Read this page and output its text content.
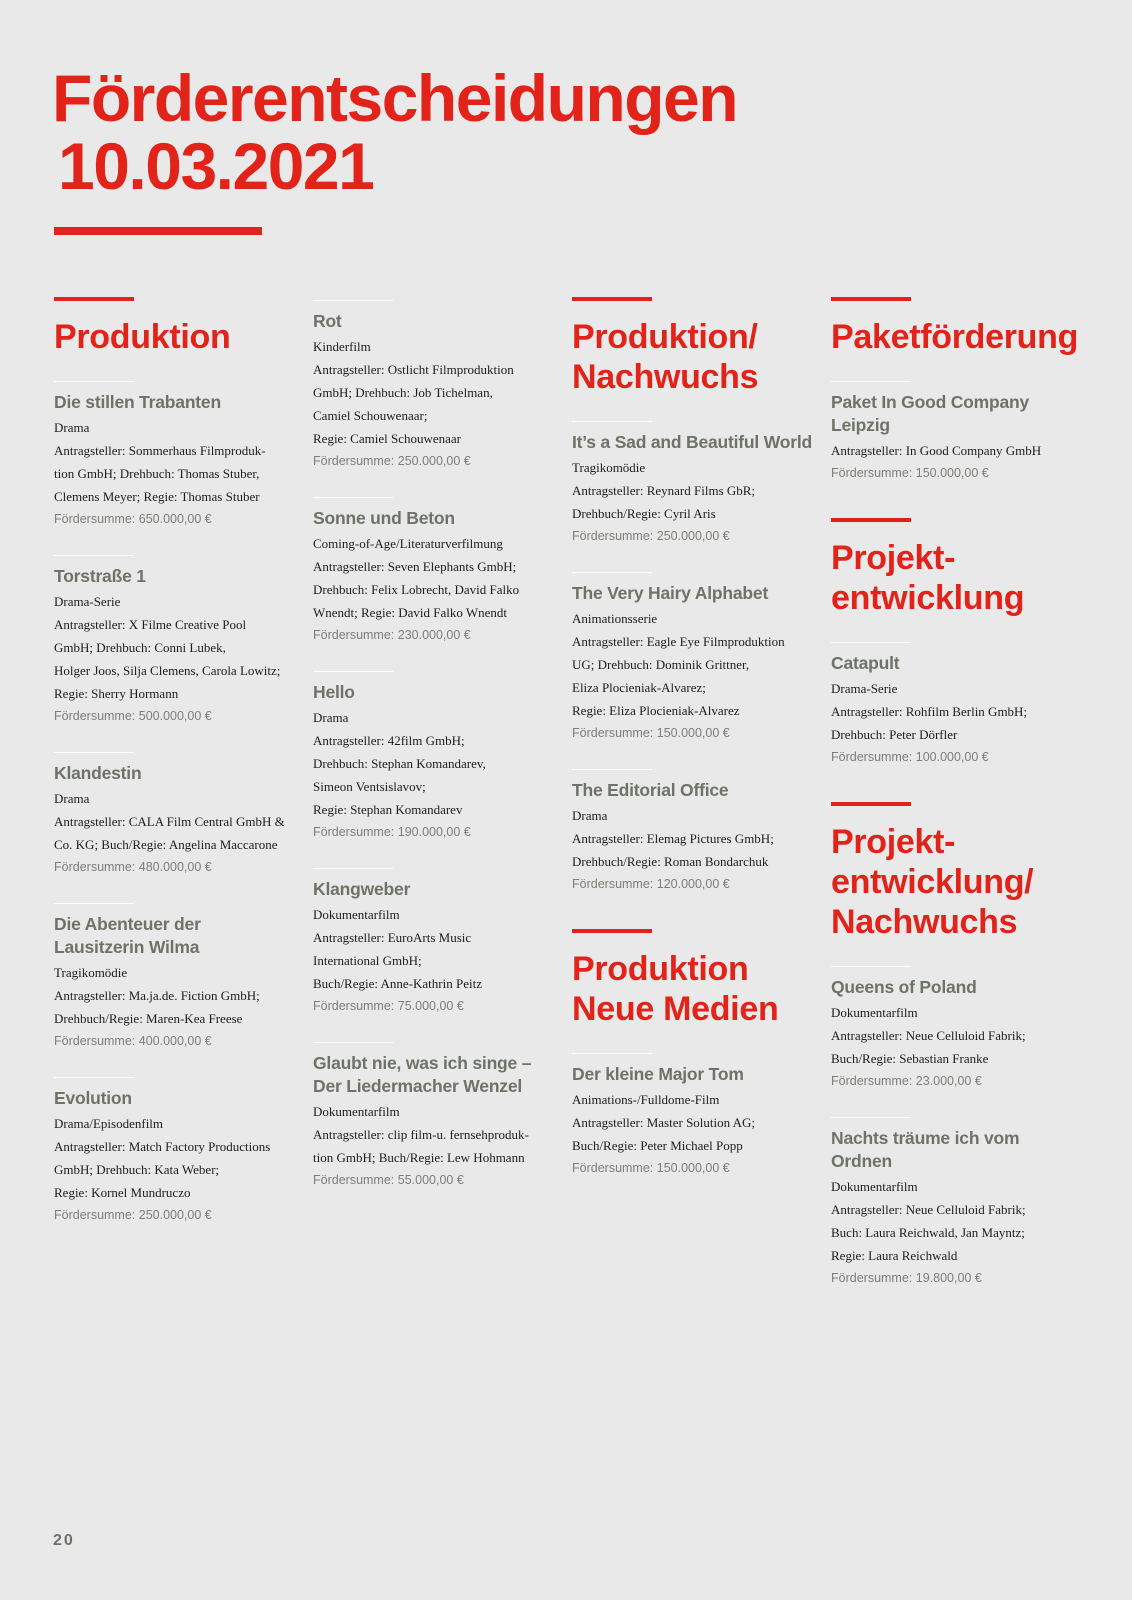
Förderentscheidungen
10.03.2021
Produktion
Die stillen Trabanten
Drama
Antragsteller: Sommerhaus Filmproduk-
tion GmbH; Drehbuch: Thomas Stuber,
Clemens Meyer; Regie: Thomas Stuber
Fördersumme: 650.000,00 €
Torstraße 1
Drama-Serie
Antragsteller: X Filme Creative Pool
GmbH; Drehbuch: Conni Lubek,
Holger Joos, Silja Clemens, Carola Lowitz;
Regie: Sherry Hormann
Fördersumme: 500.000,00 €
Klandestin
Drama
Antragsteller: CALA Film Central GmbH &
Co. KG; Buch/Regie: Angelina Maccarone
Fördersumme: 480.000,00 €
Die Abenteuer der Lausitzerin Wilma
Tragikomödie
Antragsteller: Ma.ja.de. Fiction GmbH;
Drehbuch/Regie: Maren-Kea Freese
Fördersumme: 400.000,00 €
Evolution
Drama/Episodenfilm
Antragsteller: Match Factory Productions
GmbH; Drehbuch: Kata Weber;
Regie: Kornel Mundruczo
Fördersumme: 250.000,00 €
Rot
Kinderfilm
Antragsteller: Ostlicht Filmproduktion
GmbH; Drehbuch: Job Tichelman,
Camiel Schouwenaar;
Regie: Camiel Schouwenaar
Fördersumme: 250.000,00 €
Sonne und Beton
Coming-of-Age/Literaturverfilmung
Antragsteller: Seven Elephants GmbH;
Drehbuch: Felix Lobrecht, David Falko
Wnendt; Regie: David Falko Wnendt
Fördersumme: 230.000,00 €
Hello
Drama
Antragsteller: 42film GmbH;
Drehbuch: Stephan Komandarev,
Simeon Ventsislavov;
Regie: Stephan Komandarev
Fördersumme: 190.000,00 €
Klangweber
Dokumentarfilm
Antragsteller: EuroArts Music
International GmbH;
Buch/Regie: Anne-Kathrin Peitz
Fördersumme: 75.000,00 €
Glaubt nie, was ich singe – Der Liedermacher Wenzel
Dokumentarfilm
Antragsteller: clip film-u. fernsehproduk-
tion GmbH; Buch/Regie: Lew Hohmann
Fördersumme: 55.000,00 €
Produktion/
Nachwuchs
It’s a Sad and Beautiful World
Tragikomödie
Antragsteller: Reynard Films GbR;
Drehbuch/Regie: Cyril Aris
Fördersumme: 250.000,00 €
The Very Hairy Alphabet
Animationsserie
Antragsteller: Eagle Eye Filmproduktion
UG; Drehbuch: Dominik Grittner,
Eliza Plocieniak-Alvarez;
Regie: Eliza Plocieniak-Alvarez
Fördersumme: 150.000,00 €
The Editorial Office
Drama
Antragsteller: Elemag Pictures GmbH;
Drehbuch/Regie: Roman Bondarchuk
Fördersumme: 120.000,00 €
Produktion
Neue Medien
Der kleine Major Tom
Animations-/Fulldome-Film
Antragsteller: Master Solution AG;
Buch/Regie: Peter Michael Popp
Fördersumme: 150.000,00 €
Paketförderung
Paket In Good Company Leipzig
Antragsteller: In Good Company GmbH
Fördersumme: 150.000,00 €
Projekt-
entwicklung
Catapult
Drama-Serie
Antragsteller: Rohfilm Berlin GmbH;
Drehbuch: Peter Dörfler
Fördersumme: 100.000,00 €
Projekt-
entwicklung/
Nachwuchs
Queens of Poland
Dokumentarfilm
Antragsteller: Neue Celluloid Fabrik;
Buch/Regie: Sebastian Franke
Fördersumme: 23.000,00 €
Nachts träume ich vom Ordnen
Dokumentarfilm
Antragsteller: Neue Celluloid Fabrik;
Buch: Laura Reichwald, Jan Mayntz;
Regie: Laura Reichwald
Fördersumme: 19.800,00 €
20
